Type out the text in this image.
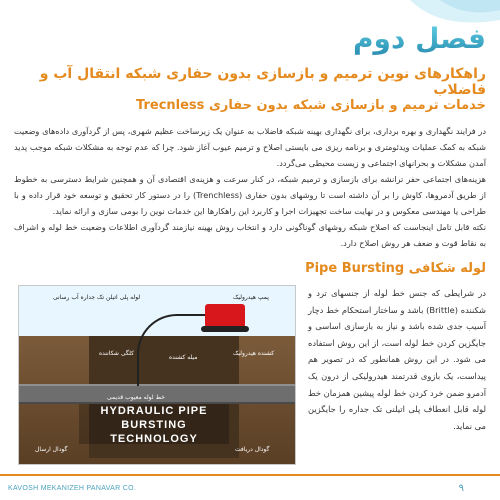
فصل دوم
راهکارهای نوین ترمیم و بازسازی بدون حفاری شبکه انتقال آب و فاضلاب
خدمات ترمیم و بازسازی شبکه بدون حفاری Trecnless
در فرایند نگهداری و بهره برداری، برای نگهداری بهینه شبکه فاضلاب به عنوان یک زیرساخت عظیم شهری، پس از گردآوری داده‌های وضعیت شبکه به کمک عملیات ویدئومتری و برنامه ریزی می بایستی اصلاح و ترمیم عیوب آغاز شود. چرا که عدم توجه به مشکلات شبکه موجب پدید آمدن مشکلات و بحرانهای اجتماعی و زیست محیطی می‌گردد.
هزینه‌های اجتماعی حفر ترانشه برای بازسازی و ترمیم شبکه، در کنار سرعت و هزینه‌ی اقتصادی آن و همچنین شرایط دسترسی به خطوط از طریق آدمروها، کاوش را بر آن داشته است تا روشهای بدون حفاری (Trenchless) را در دستور کار تحقیق و توسعه خود قرار داده و با طراحی یا مهندسی معکوس و در نهایت ساخت تجهیزات اجرا و کاربرد این راهکارها این خدمات نوین را بومی سازی و ارائه نماید.
نکته قابل تامل اینجاست که اصلاح شبکه روشهای گوناگونی دارد و انتخاب روش بهینه نیازمند گردآوری اطلاعات وضعیت خط لوله و اشراف به نقاط قوت و ضعف هر روش اصلاح دارد.
لوله شکافی Pipe Bursting
لوله پلی اتیلن تک جداره آب رسانی	پمپ هیدرولیک
کلگی شکاننده
میله کشنده
کشنده هیدرولیک
خط لوله معیوب قدیمی
گودال ارسال	گودال دریافت
HYDRAULIC PIPE
BURSTING TECHNOLOGY
در شرایطی که جنس خط لوله از جنسهای ترد و شکننده (Brittle) باشد و ساختار استحکام خط دچار آسیب جدی شده باشد و نیاز به بازسازی اساسی و جایگزین کردن خط لوله است، از این روش استفاده می شود. در این روش همانطور که در تصویر هم پیداست، یک بازوی قدرتمند هیدرولیکی از درون یک آدمرو ضمن خرد کردن خط لوله پیشین همزمان خط لوله قابل انعطاف پلی اتیلنی تک جداره را جایگزین می نماید.
KAVOSH MEKANIZEH PANAVAR CO.	۹
